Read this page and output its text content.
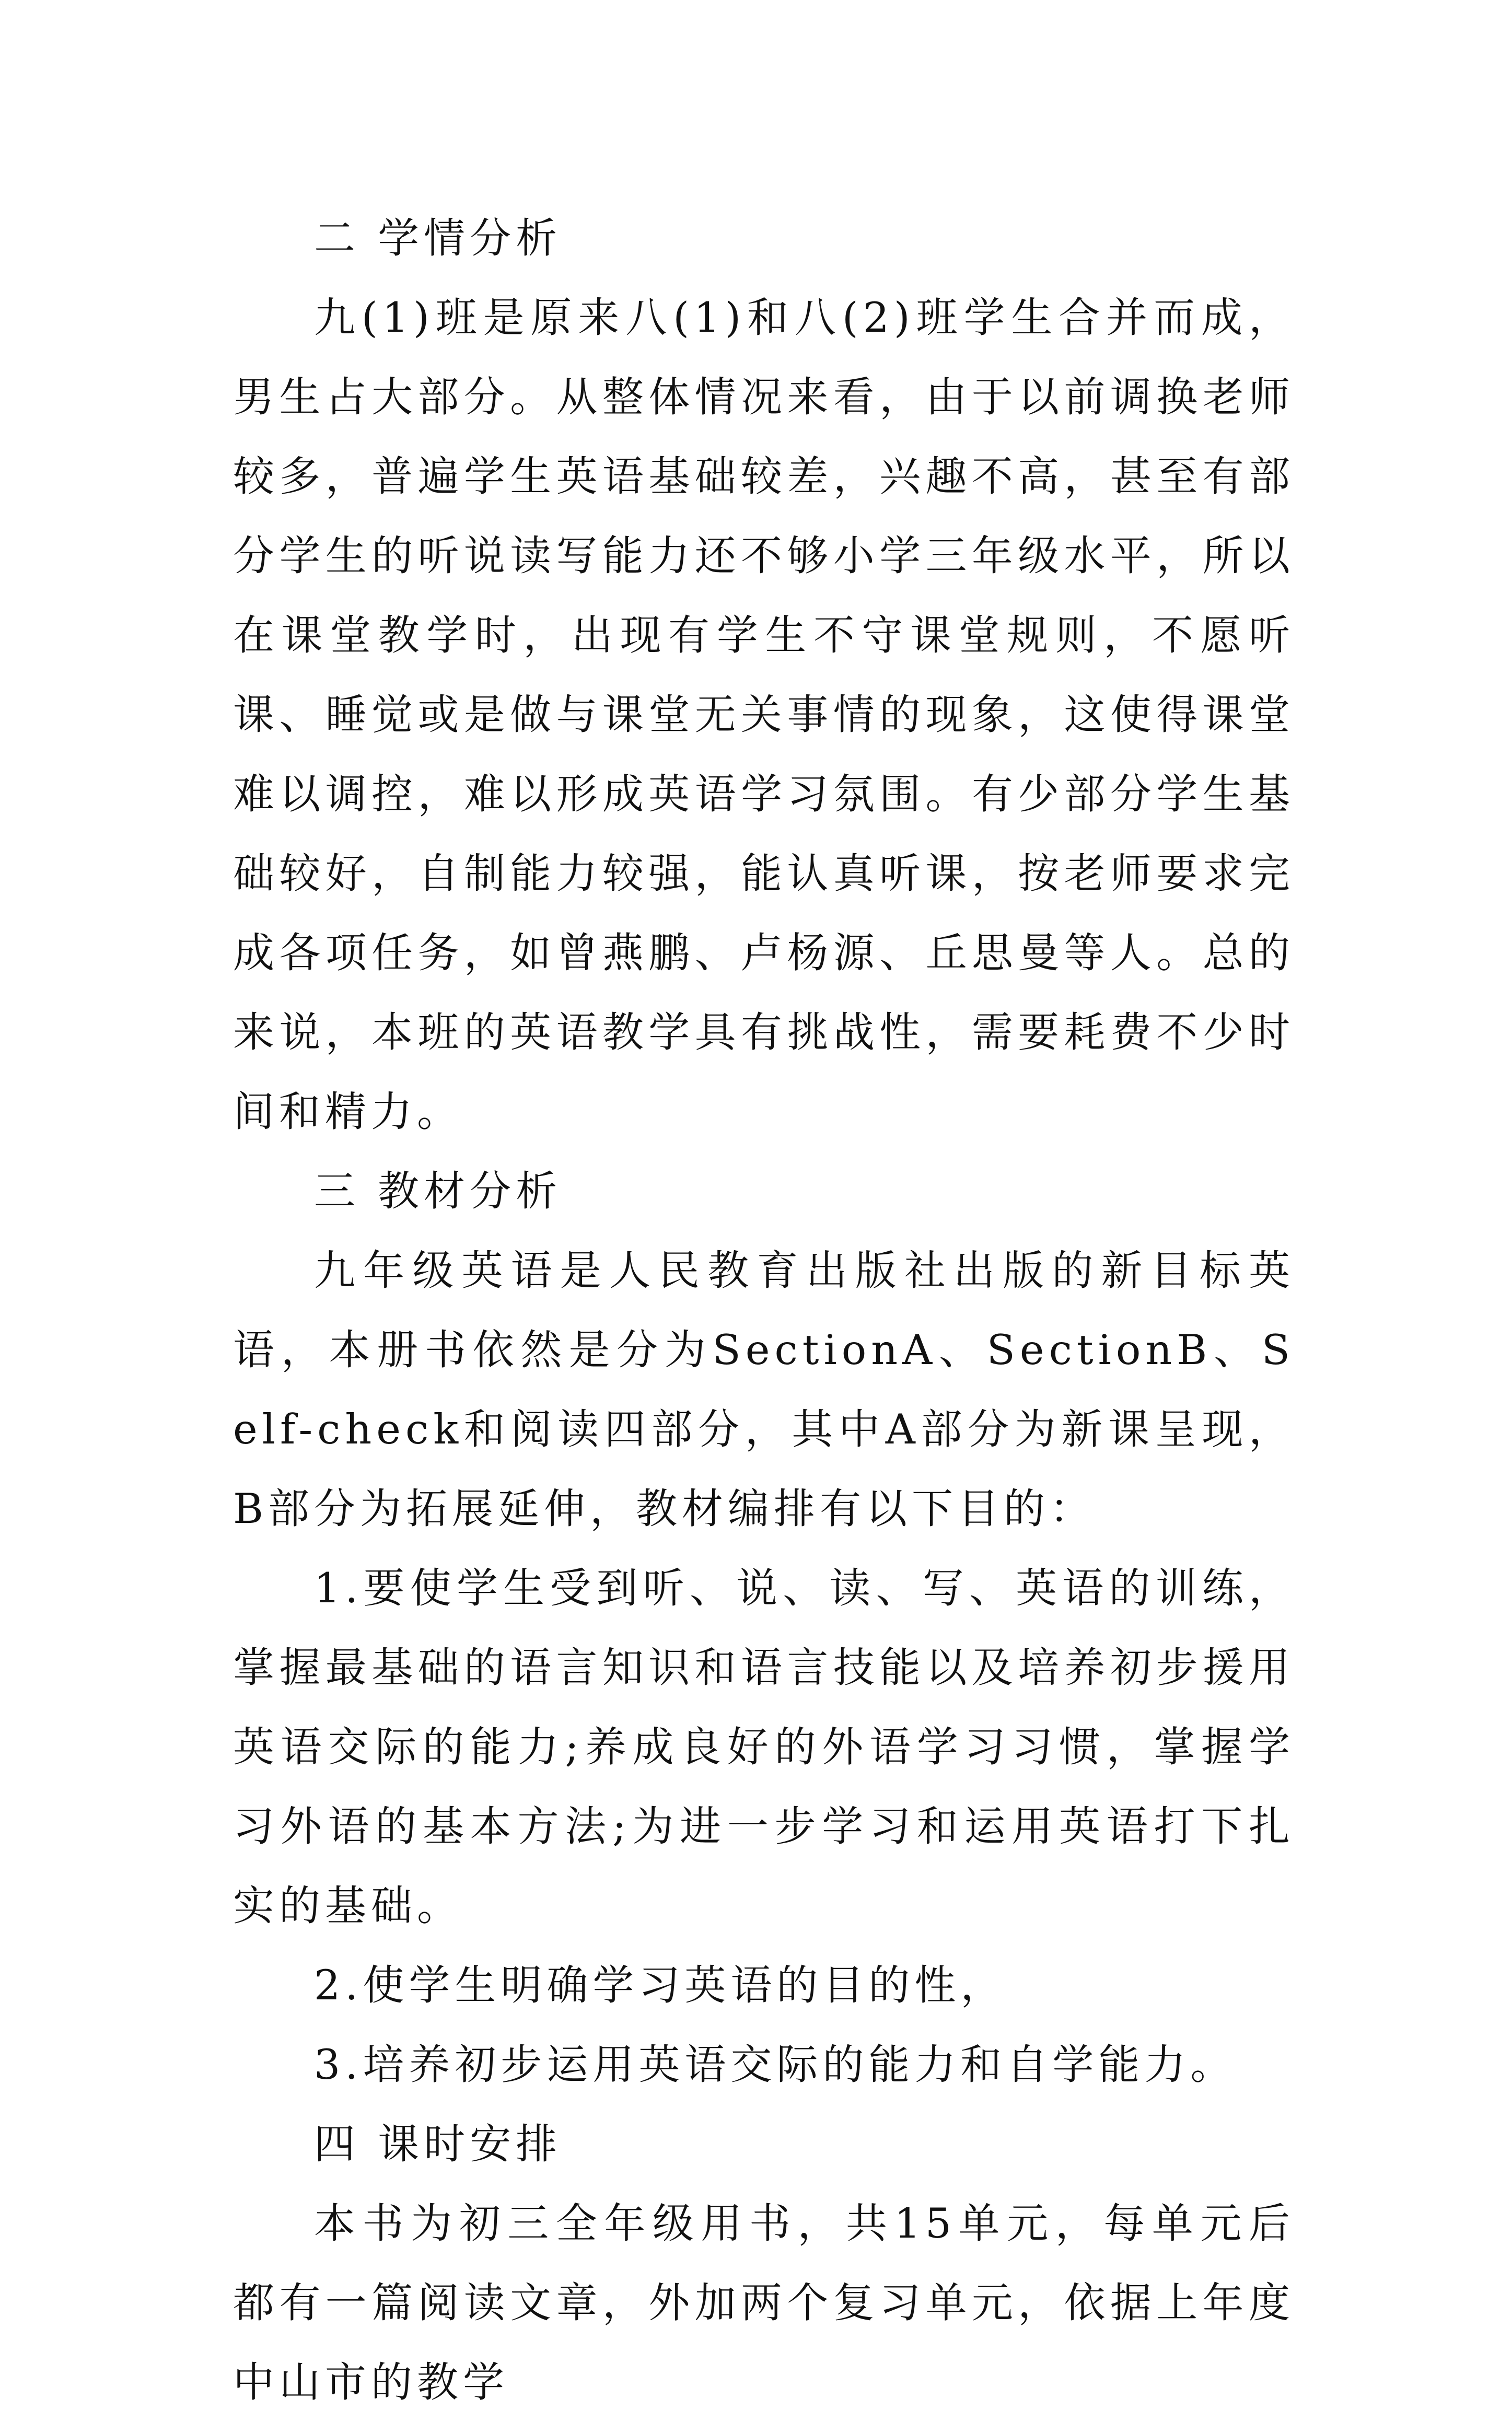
二 学情分析

九(1)班是原来八(1)和八(2)班学生合并而成，男生占大部分。从整体情况来看，由于以前调换老师较多，普遍学生英语基础较差，兴趣不高，甚至有部分学生的听说读写能力还不够小学三年级水平，所以在课堂教学时，出现有学生不守课堂规则，不愿听课、睡觉或是做与课堂无关事情的现象，这使得课堂难以调控，难以形成英语学习氛围。有少部分学生基础较好，自制能力较强，能认真听课，按老师要求完成各项任务，如曾燕鹏、卢杨源、丘思曼等人。总的来说，本班的英语教学具有挑战性，需要耗费不少时间和精力。

三 教材分析

九年级英语是人民教育出版社出版的新目标英语，本册书依然是分为SectionA、SectionB、Self-check和阅读四部分，其中A部分为新课呈现，B部分为拓展延伸，教材编排有以下目的：

1.要使学生受到听、说、读、写、英语的训练，掌握最基础的语言知识和语言技能以及培养初步援用英语交际的能力;养成良好的外语学习习惯，掌握学习外语的基本方法;为进一步学习和运用英语打下扎实的基础。

2.使学生明确学习英语的目的性，

3.培养初步运用英语交际的能力和自学能力。

四 课时安排

本书为初三全年级用书，共15单元，每单元后都有一篇阅读文章，外加两个复习单元，依据上年度中山市的教学
